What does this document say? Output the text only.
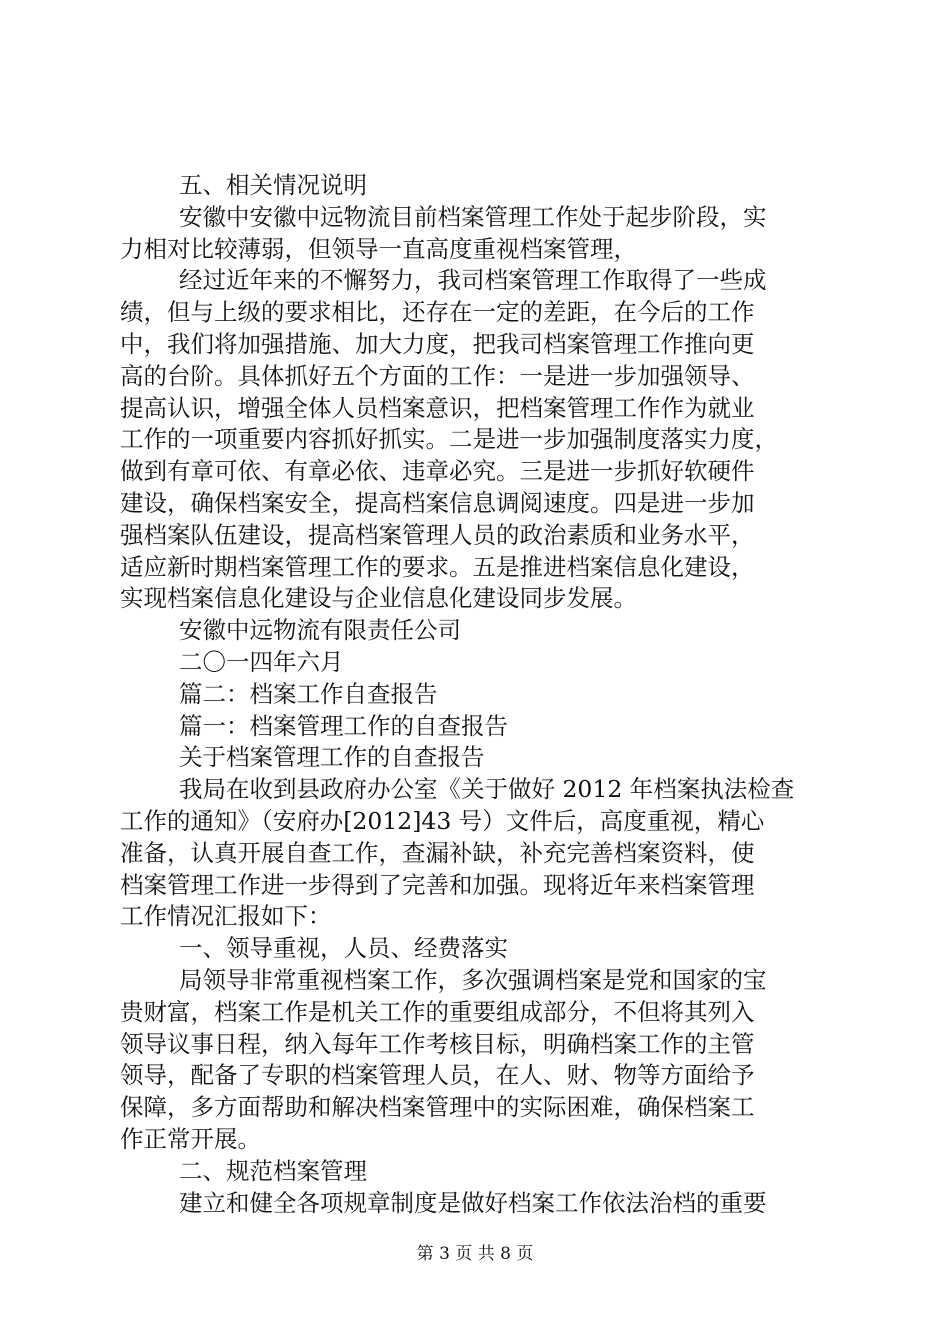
五、相关情况说明
安徽中安徽中远物流目前档案管理工作处于起步阶段，实
力相对比较薄弱，但领导一直高度重视档案管理，
经过近年来的不懈努力，我司档案管理工作取得了一些成
绩，但与上级的要求相比，还存在一定的差距，在今后的工作
中，我们将加强措施、加大力度，把我司档案管理工作推向更
高的台阶。具体抓好五个方面的工作：一是进一步加强领导、
提高认识，增强全体人员档案意识，把档案管理工作作为就业
工作的一项重要内容抓好抓实。二是进一步加强制度落实力度，
做到有章可依、有章必依、违章必究。三是进一步抓好软硬件
建设，确保档案安全，提高档案信息调阅速度。四是进一步加
强档案队伍建设，提高档案管理人员的政治素质和业务水平，
适应新时期档案管理工作的要求。五是推进档案信息化建设，
实现档案信息化建设与企业信息化建设同步发展。
安徽中远物流有限责任公司
二〇一四年六月
篇二：档案工作自查报告
篇一：档案管理工作的自查报告
关于档案管理工作的自查报告
我局在收到县政府办公室《关于做好 2012 年档案执法检查
工作的通知》（安府办[2012]43 号）文件后，高度重视，精心
准备，认真开展自查工作，查漏补缺，补充完善档案资料，使
档案管理工作进一步得到了完善和加强。现将近年来档案管理
工作情况汇报如下：
一、领导重视，人员、经费落实
局领导非常重视档案工作，多次强调档案是党和国家的宝
贵财富，档案工作是机关工作的重要组成部分，不但将其列入
领导议事日程，纳入每年工作考核目标，明确档案工作的主管
领导，配备了专职的档案管理人员，在人、财、物等方面给予
保障，多方面帮助和解决档案管理中的实际困难，确保档案工
作正常开展。
二、规范档案管理
建立和健全各项规章制度是做好档案工作依法治档的重要
第 3 页 共 8 页
